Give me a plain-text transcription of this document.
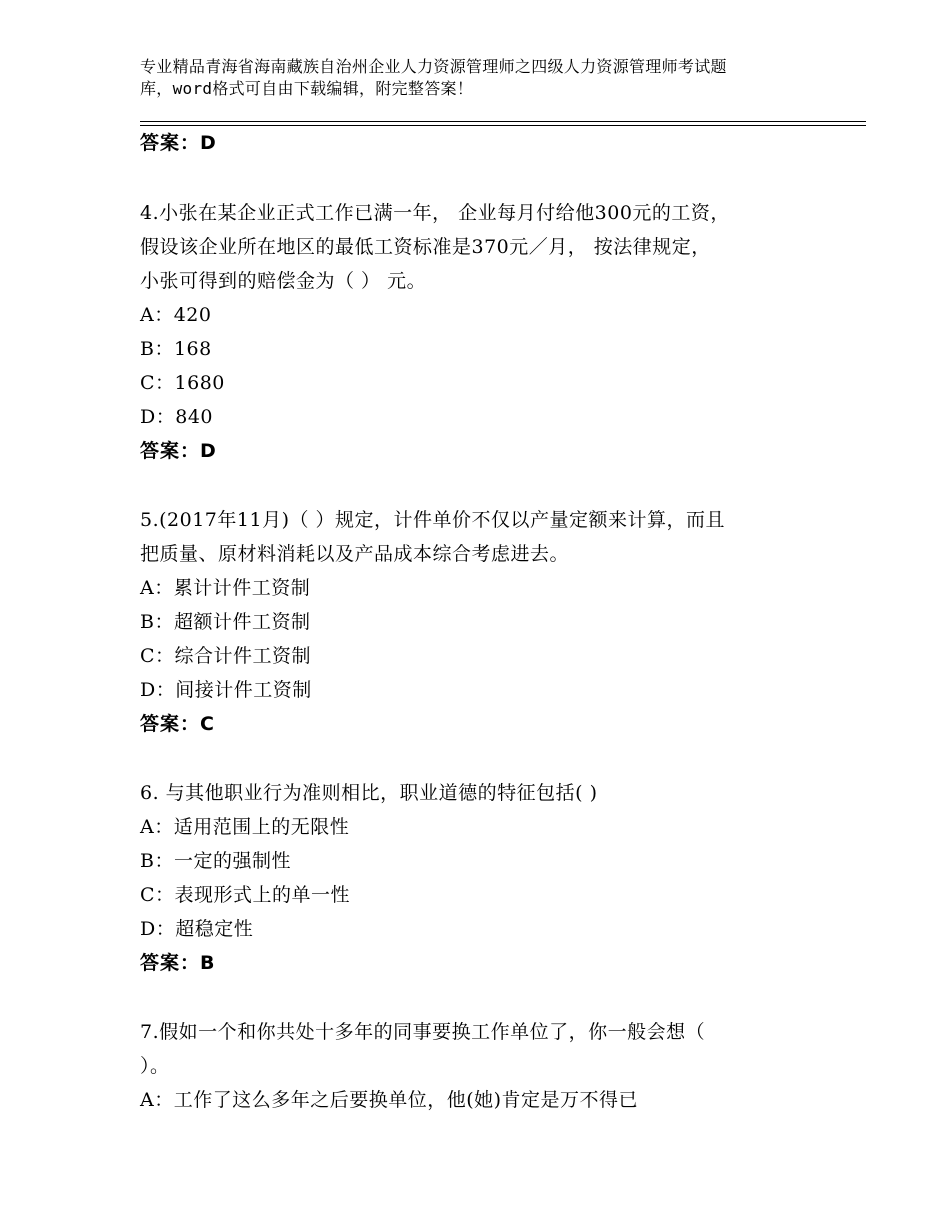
专业精品青海省海南藏族自治州企业人力资源管理师之四级人力资源管理师考试题
库，word格式可自由下载编辑，附完整答案！
答案：D
4.小张在某企业正式工作已满一年， 企业每月付给他300元的工资，
假设该企业所在地区的最低工资标准是370元／月， 按法律规定，
小张可得到的赔偿金为（ ） 元。
A：420
B：168
C：1680
D：840
答案：D
5.(2017年11月)（ ）规定，计件单价不仅以产量定额来计算，而且
把质量、原材料消耗以及产品成本综合考虑进去。
A：累计计件工资制
B：超额计件工资制
C：综合计件工资制
D：间接计件工资制
答案：C
6. 与其他职业行为准则相比，职业道德的特征包括( )
A：适用范围上的无限性
B：一定的强制性
C：表现形式上的单一性
D：超稳定性
答案：B
7.假如一个和你共处十多年的同事要换工作单位了，你一般会想（
）。
A：工作了这么多年之后要换单位，他(她)肯定是万不得已
